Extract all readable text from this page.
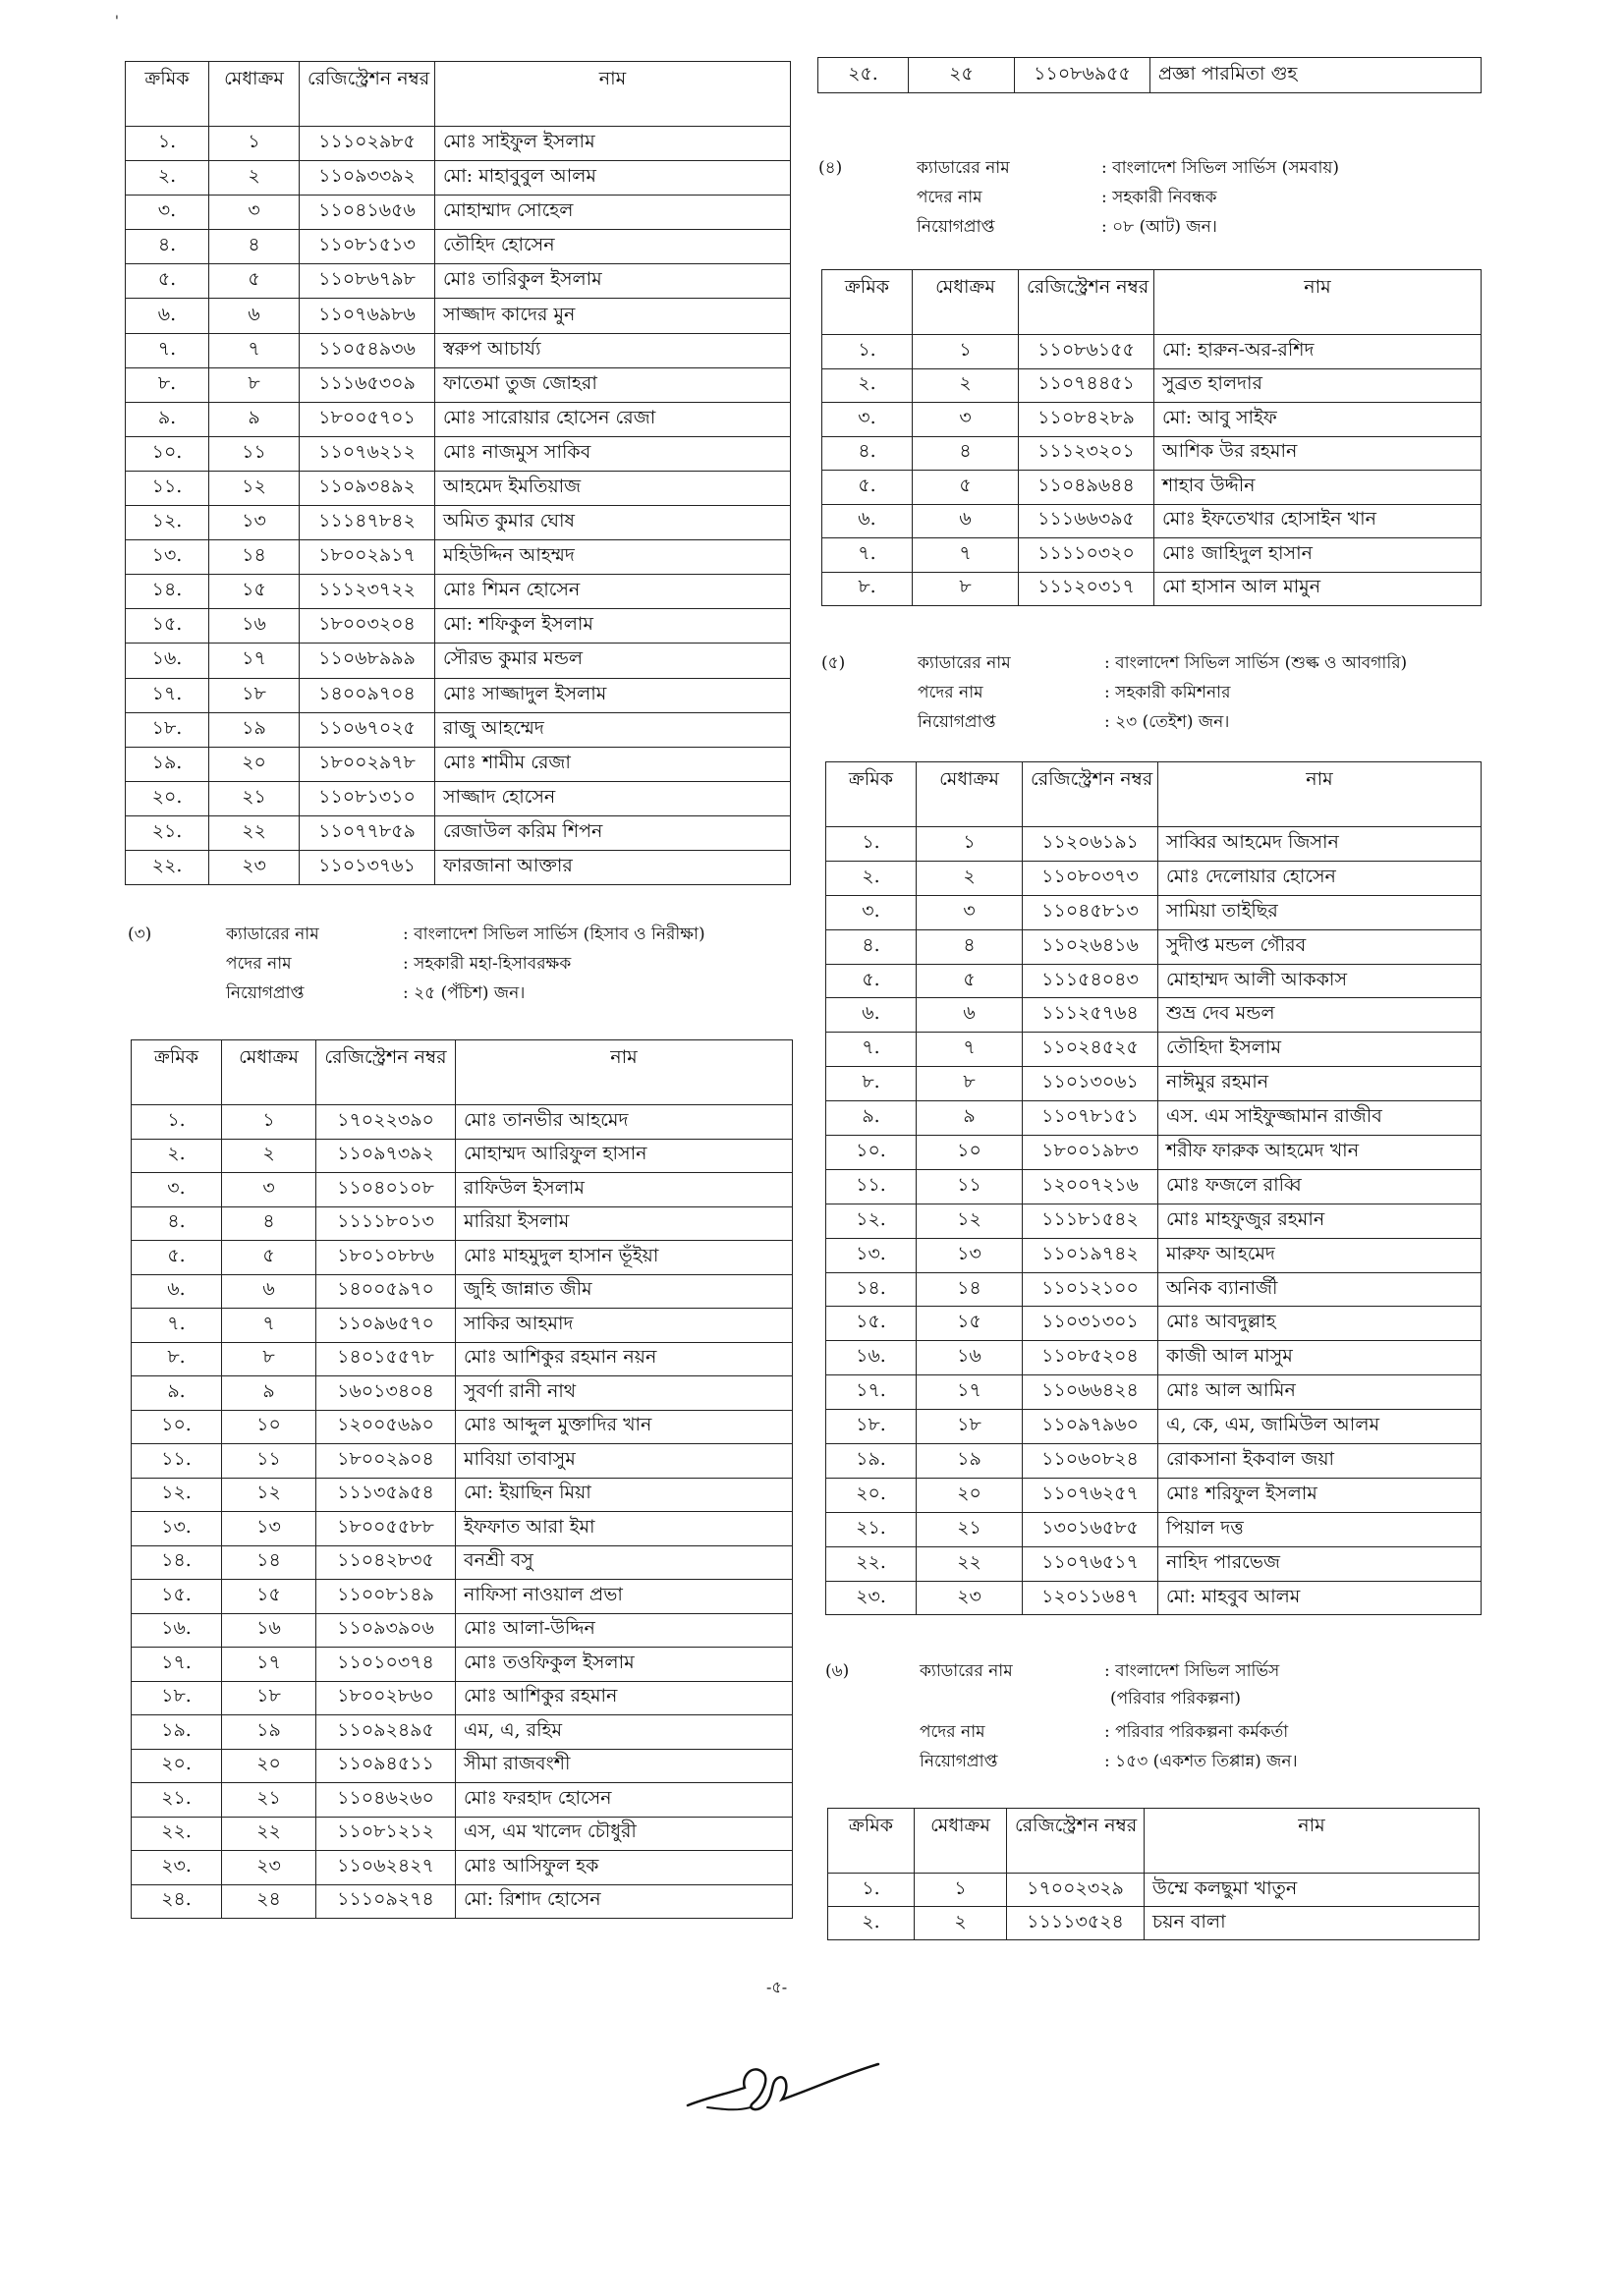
'
ক্রমিক	মেধাক্রম	রেজিস্ট্রেশন নম্বর	নাম
১.	১	১১১০২৯৮৫	মোঃ সাইফুল ইসলাম
২.	২	১১০৯৩৩৯২	মো: মাহাবুবুল আলম
৩.	৩	১১০৪১৬৫৬	মোহাম্মাদ সোহেল
৪.	৪	১১০৮১৫১৩	তৌহিদ হোসেন
৫.	৫	১১০৮৬৭৯৮	মোঃ তারিকুল ইসলাম
৬.	৬	১১০৭৬৯৮৬	সাজ্জাদ কাদের মুন
৭.	৭	১১০৫৪৯৩৬	স্বরুপ আচার্য্য
৮.	৮	১১১৬৫৩০৯	ফাতেমা তুজ জোহরা
৯.	৯	১৮০০৫৭০১	মোঃ সারোয়ার হোসেন রেজা
১০.	১১	১১০৭৬২১২	মোঃ নাজমুস সাকিব
১১.	১২	১১০৯৩৪৯২	আহমেদ ইমতিয়াজ
১২.	১৩	১১১৪৭৮৪২	অমিত কুমার ঘোষ
১৩.	১৪	১৮০০২৯১৭	মহিউদ্দিন আহম্মদ
১৪.	১৫	১১১২৩৭২২	মোঃ শিমন হোসেন
১৫.	১৬	১৮০০৩২০৪	মো: শফিকুল ইসলাম
১৬.	১৭	১১০৬৮৯৯৯	সৌরভ কুমার মন্ডল
১৭.	১৮	১৪০০৯৭০৪	মোঃ সাজ্জাদুল ইসলাম
১৮.	১৯	১১০৬৭০২৫	রাজু আহম্মেদ
১৯.	২০	১৮০০২৯৭৮	মোঃ শামীম রেজা
২০.	২১	১১০৮১৩১০	সাজ্জাদ হোসেন
২১.	২২	১১০৭৭৮৫৯	রেজাউল করিম শিপন
২২.	২৩	১১০১৩৭৬১	ফারজানা আক্তার
(৩)	ক্যাডারের নাম	: বাংলাদেশ সিভিল সার্ভিস (হিসাব ও নিরীক্ষা)
পদের নাম	: সহকারী মহা-হিসাবরক্ষক
নিয়োগপ্রাপ্ত	: ২৫ (পঁচিশ) জন।
ক্রমিক	মেধাক্রম	রেজিস্ট্রেশন নম্বর	নাম
১.	১	১৭০২২৩৯০	মোঃ তানভীর আহমেদ
২.	২	১১০৯৭৩৯২	মোহাম্মদ আরিফুল হাসান
৩.	৩	১১০৪০১০৮	রাফিউল ইসলাম
৪.	৪	১১১১৮০১৩	মারিয়া ইসলাম
৫.	৫	১৮০১০৮৮৬	মোঃ মাহমুদুল হাসান ভূঁইয়া
৬.	৬	১৪০০৫৯৭০	জুহি জান্নাত জীম
৭.	৭	১১০৯৬৫৭০	সাকির আহমাদ
৮.	৮	১৪০১৫৫৭৮	মোঃ আশিকুর রহমান নয়ন
৯.	৯	১৬০১৩৪০৪	সুবর্ণা রানী নাথ
১০.	১০	১২০০৫৬৯০	মোঃ আব্দুল মুক্তাদির খান
১১.	১১	১৮০০২৯০৪	মাবিয়া তাবাসুম
১২.	১২	১১১৩৫৯৫৪	মো: ইয়াছিন মিয়া
১৩.	১৩	১৮০০৫৫৮৮	ইফফাত আরা ইমা
১৪.	১৪	১১০৪২৮৩৫	বনশ্রী বসু
১৫.	১৫	১১০০৮১৪৯	নাফিসা নাওয়াল প্রভা
১৬.	১৬	১১০৯৩৯০৬	মোঃ আলা-উদ্দিন
১৭.	১৭	১১০১০৩৭৪	মোঃ তওফিকুল ইসলাম
১৮.	১৮	১৮০০২৮৬০	মোঃ আশিকুর রহমান
১৯.	১৯	১১০৯২৪৯৫	এম, এ, রহিম
২০.	২০	১১০৯৪৫১১	সীমা রাজবংশী
২১.	২১	১১০৪৬২৬০	মোঃ ফরহাদ হোসেন
২২.	২২	১১০৮১২১২	এস, এম খালেদ চৌধুরী
২৩.	২৩	১১০৬২৪২৭	মোঃ আসিফুল হক
২৪.	২৪	১১১০৯২৭৪	মো: রিশাদ হোসেন
২৫.	২৫	১১০৮৬৯৫৫	প্রজ্ঞা পারমিতা গুহ
(৪)	ক্যাডারের নাম	: বাংলাদেশ সিভিল সার্ভিস (সমবায়)
পদের নাম	: সহকারী নিবন্ধক
নিয়োগপ্রাপ্ত	: ০৮ (আট) জন।
ক্রমিক	মেধাক্রম	রেজিস্ট্রেশন নম্বর	নাম
১.	১	১১০৮৬১৫৫	মো: হারুন-অর-রশিদ
২.	২	১১০৭৪৪৫১	সুব্রত হালদার
৩.	৩	১১০৮৪২৮৯	মো: আবু সাইফ
৪.	৪	১১১২৩২০১	আশিক উর রহমান
৫.	৫	১১০৪৯৬৪৪	শাহাব উদ্দীন
৬.	৬	১১১৬৬৩৯৫	মোঃ ইফতেখার হোসাইন খান
৭.	৭	১১১১০৩২০	মোঃ জাহিদুল হাসান
৮.	৮	১১১২০৩১৭	মো হাসান আল মামুন
(৫)	ক্যাডারের নাম	: বাংলাদেশ সিভিল সার্ভিস (শুল্ক ও আবগারি)
পদের নাম	: সহকারী কমিশনার
নিয়োগপ্রাপ্ত	: ২৩ (তেইশ) জন।
ক্রমিক	মেধাক্রম	রেজিস্ট্রেশন নম্বর	নাম
১.	১	১১২০৬১৯১	সাব্বির আহমেদ জিসান
২.	২	১১০৮০৩৭৩	মোঃ দেলোয়ার হোসেন
৩.	৩	১১০৪৫৮১৩	সামিয়া তাইছির
৪.	৪	১১০২৬৪১৬	সুদীপ্ত মন্ডল গৌরব
৫.	৫	১১১৫৪০৪৩	মোহাম্মদ আলী আককাস
৬.	৬	১১১২৫৭৬৪	শুভ্র দেব মন্ডল
৭.	৭	১১০২৪৫২৫	তৌহিদা ইসলাম
৮.	৮	১১০১৩০৬১	নাঈমুর রহমান
৯.	৯	১১০৭৮১৫১	এস. এম সাইফুজ্জামান রাজীব
১০.	১০	১৮০০১৯৮৩	শরীফ ফারুক আহমেদ খান
১১.	১১	১২০০৭২১৬	মোঃ ফজলে রাব্বি
১২.	১২	১১১৮১৫৪২	মোঃ মাহফুজুর রহমান
১৩.	১৩	১১০১৯৭৪২	মারুফ আহমেদ
১৪.	১৪	১১০১২১০০	অনিক ব্যানার্জী
১৫.	১৫	১১০৩১৩০১	মোঃ আবদুল্লাহ
১৬.	১৬	১১০৮৫২০৪	কাজী আল মাসুম
১৭.	১৭	১১০৬৬৪২৪	মোঃ আল আমিন
১৮.	১৮	১১০৯৭৯৬০	এ, কে, এম, জামিউল আলম
১৯.	১৯	১১০৬০৮২৪	রোকসানা ইকবাল জয়া
২০.	২০	১১০৭৬২৫৭	মোঃ শরিফুল ইসলাম
২১.	২১	১৩০১৬৫৮৫	পিয়াল দত্ত
২২.	২২	১১০৭৬৫১৭	নাহিদ পারভেজ
২৩.	২৩	১২০১১৬৪৭	মো: মাহবুব আলম
(৬)	ক্যাডারের নাম	: বাংলাদেশ সিভিল সার্ভিস
(পরিবার পরিকল্পনা)
পদের নাম	: পরিবার পরিকল্পনা কর্মকর্তা
নিয়োগপ্রাপ্ত	: ১৫৩ (একশত তিপ্পান্ন) জন।
ক্রমিক	মেধাক্রম	রেজিস্ট্রেশন নম্বর	নাম
১.	১	১৭০০২৩২৯	উম্মে কলছুমা খাতুন
২.	২	১১১১৩৫২৪	চয়ন বালা
-৫-
